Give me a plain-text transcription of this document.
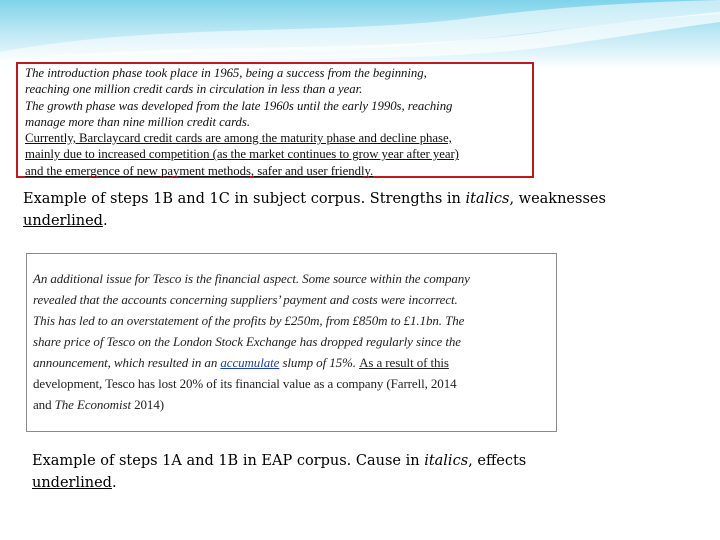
The introduction phase took place in 1965, being a success from the beginning,

reaching one million credit cards in circulation in less than a year.

The growth phase was developed from the late 1960s until the early 1990s, reaching

manage more than nine million credit cards.

Currently, Barclaycard credit cards are among the maturity phase and decline phase,

mainly due to increased competition (as the market continues to grow year after year)

and the emergence of new payment methods, safer and user friendly.

Example of steps 1B and 1C in subject corpus. Strengths in italics, weaknesses
underlined.

An additional issue for Tesco is the financial aspect. Some source within the company

revealed that the accounts concerning suppliers’ payment and costs were incorrect.

This has led to an overstatement of the profits by £250m, from £850m to £1.1bn. The

share price of Tesco on the London Stock Exchange has dropped regularly since the

announcement, which resulted in an accumulate slump of 15%. As a result of this

development, Tesco has lost 20% of its financial value as a company (Farrell, 2014

and The Economist 2014)

Example of steps 1A and 1B in EAP corpus. Cause in italics, effects
underlined.
